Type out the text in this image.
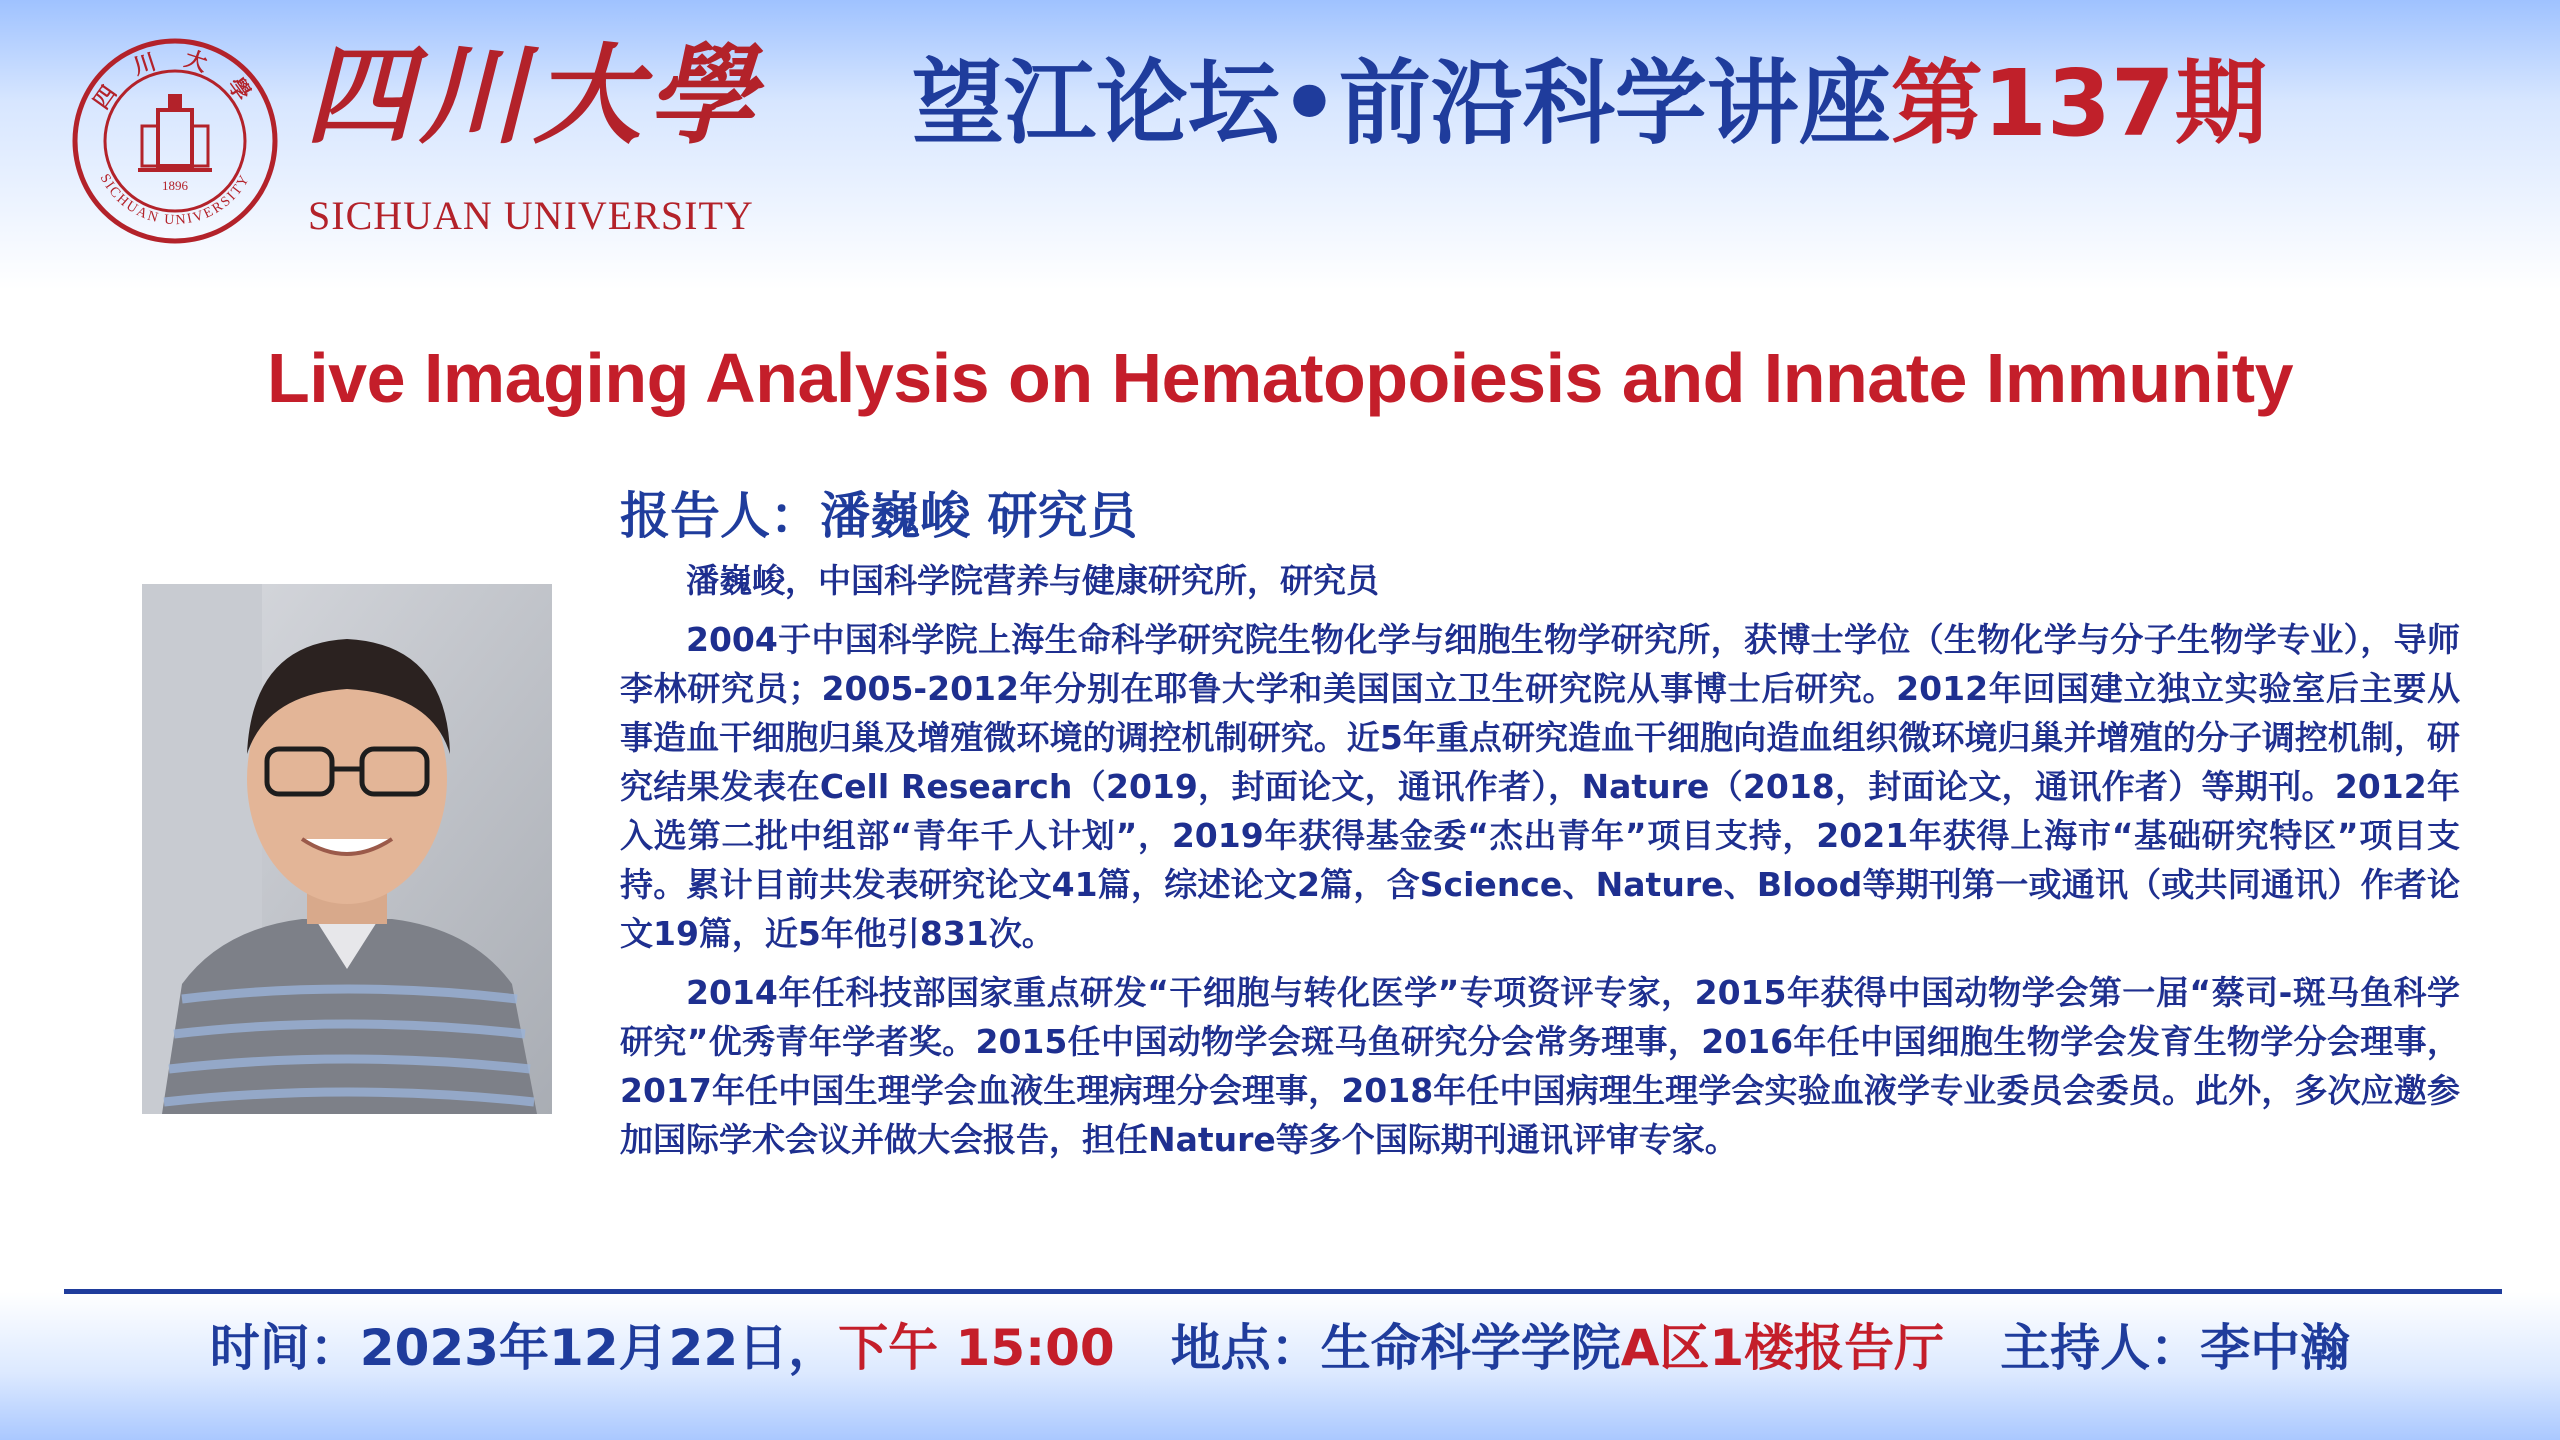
四 川 大 學
SICHUAN UNIVERSITY
1896
四川大學
SICHUAN UNIVERSITY
望江论坛•前沿科学讲座第137期
Live Imaging Analysis on Hematopoiesis and Innate Immunity
报告人：潘巍峻 研究员

潘巍峻，中国科学院营养与健康研究所，研究员

2004于中国科学院上海生命科学研究院生物化学与细胞生物学研究所，获博士学位（生物化学与分子生物学专业），导师李林研究员；2005-2012年分别在耶鲁大学和美国国立卫生研究院从事博士后研究。2012年回国建立独立实验室后主要从事造血干细胞归巢及增殖微环境的调控机制研究。近5年重点研究造血干细胞向造血组织微环境归巢并增殖的分子调控机制，研究结果发表在Cell Research（2019，封面论文，通讯作者），Nature（2018，封面论文，通讯作者）等期刊。2012年入选第二批中组部“青年千人计划”，2019年获得基金委“杰出青年”项目支持，2021年获得上海市“基础研究特区”项目支持。累计目前共发表研究论文41篇，综述论文2篇，含Science、Nature、Blood等期刊第一或通讯（或共同通讯）作者论文19篇，近5年他引831次。

2014年任科技部国家重点研发“干细胞与转化医学”专项资评专家，2015年获得中国动物学会第一届“蔡司-斑马鱼科学研究”优秀青年学者奖。2015任中国动物学会斑马鱼研究分会常务理事，2016年任中国细胞生物学会发育生物学分会理事，2017年任中国生理学会血液生理病理分会理事，2018年任中国病理生理学会实验血液学专业委员会委员。此外，多次应邀参加国际学术会议并做大会报告，担任Nature等多个国际期刊通讯评审专家。

时间：2023年12月22日，下午 15:00 地点：生命科学学院A区1楼报告厅 主持人：李中瀚
